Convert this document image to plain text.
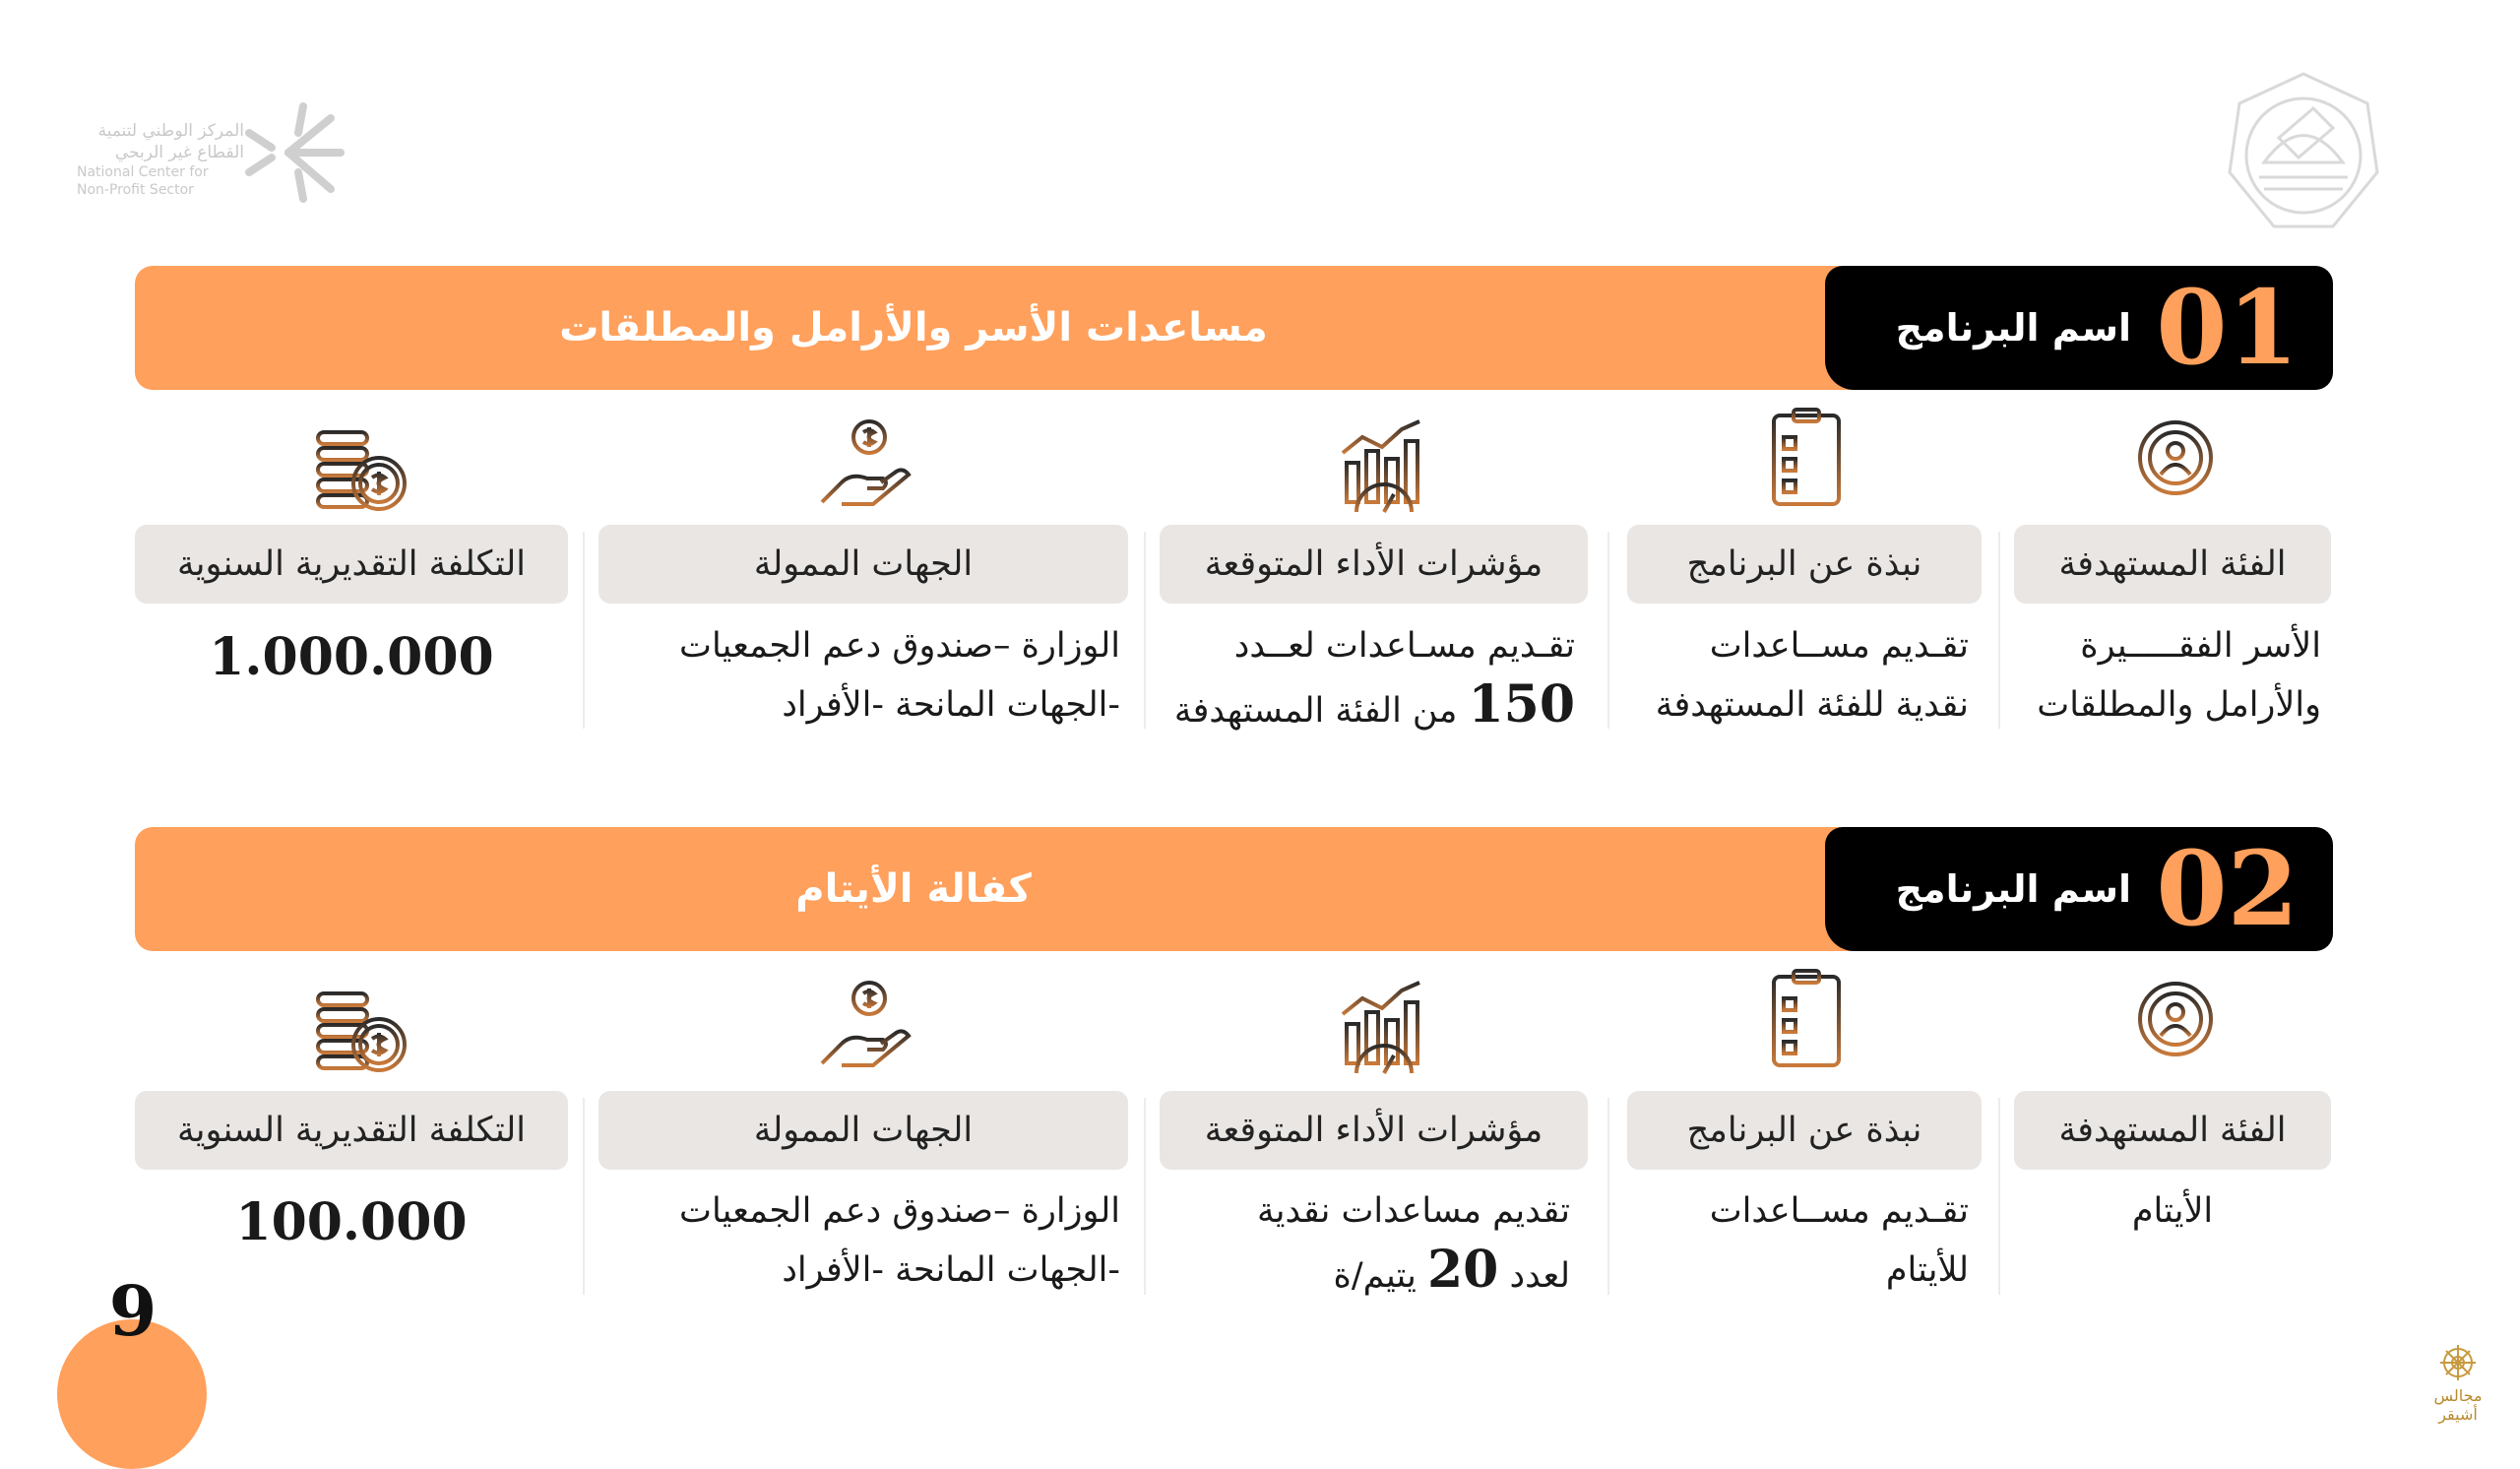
المركز الوطني لتنمية
القطاع غير الربحي
National Center for
Non-Profit Sector
مساعدات الأسر والأرامل والمطلقات	01
اسم البرنامج
الفئة المستهدفة
نبذة عن البرنامج
مؤشرات الأداء المتوقعة
الجهات الممولة
التكلفة التقديرية السنوية
الأسر الفقـــــيرة
والأرامل والمطلقات
تقـديم مســاعدات
نقدية للفئة المستهدفة
تقـديم مسـاعدات لعــدد
150 من الفئة المستهدفة
الوزارة –صندوق دعم الجمعيات
-الجهات المانحة -الأفراد
1.000.000
كفالة الأيتام	02
اسم البرنامج
الفئة المستهدفة
نبذة عن البرنامج
مؤشرات الأداء المتوقعة
الجهات الممولة
التكلفة التقديرية السنوية
الأيتام
تقـديم مســاعدات
للأيتام
تقديم مساعدات نقدية
لعدد 20 يتيم/ة
الوزارة –صندوق دعم الجمعيات
-الجهات المانحة -الأفراد
100.000
9
مجالس أشيقر
